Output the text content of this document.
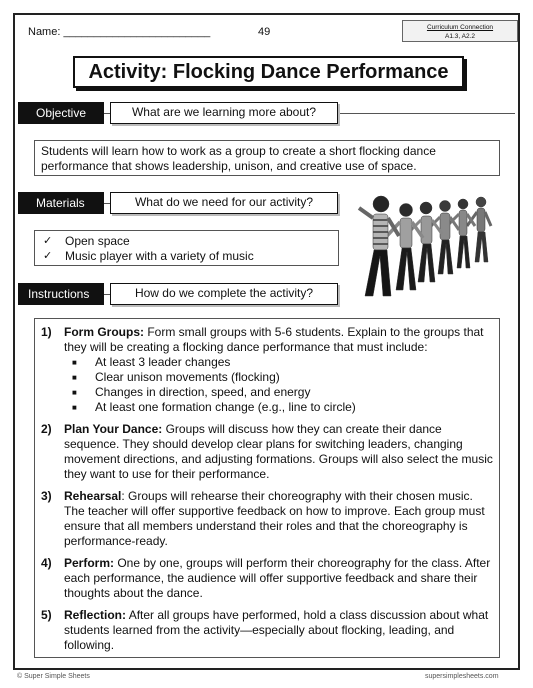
Name: ________________________	49	Curriculum Connection
A1.3, A2.2
Activity: Flocking Dance Performance
Objective	What are we learning more about?
Students will learn how to work as a group to create a short flocking dance performance that shows leadership, unison, and creative use of space.
Materials	What do we need for our activity?
✓	Open space
✓	Music player with a variety of music
Instructions	How do we complete the activity?
1)	Form Groups: Form small groups with 5-6 students. Explain to the groups that they will be creating a flocking dance performance that must include:
■	At least 3 leader changes
■	Clear unison movements (flocking)
■	Changes in direction, speed, and energy
■	At least one formation change (e.g., line to circle)
2)	Plan Your Dance: Groups will discuss how they can create their dance sequence. They should develop clear plans for switching leaders, changing movement directions, and adjusting formations. Groups will also select the music they want to use for their performance.
3)	Rehearsal: Groups will rehearse their choreography with their chosen music. The teacher will offer supportive feedback on how to improve. Each group must ensure that all members understand their roles and that the choreography is performance-ready.
4)	Perform: One by one, groups will perform their choreography for the class. After each performance, the audience will offer supportive feedback and share their thoughts about the dance.
5)	Reflection: After all groups have performed, hold a class discussion about what students learned from the activity—especially about flocking, leading, and following.
© Super Simple Sheets	supersimplesheets.com
